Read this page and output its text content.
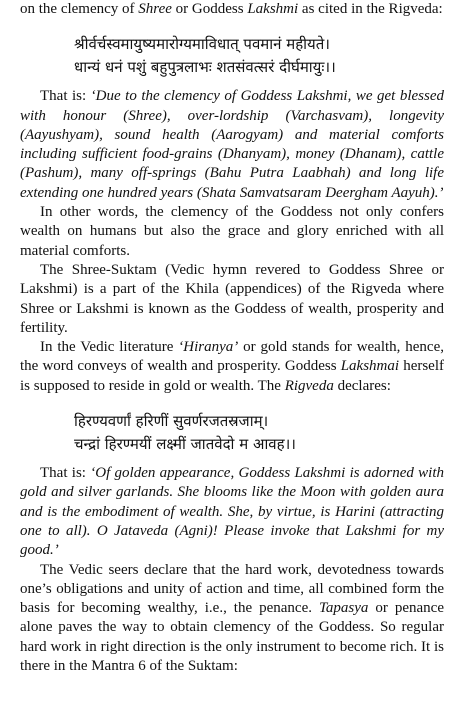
on the clemency of Shree or Goddess Lakshmi as cited in the Rigveda:

श्रीर्वर्चस्वमायुष्यमारोग्यमाविधात् पवमानं महीयते।
धान्यं धनं पशुं बहुपुत्रलाभः शतसंवत्सरं दीर्घमायुः।।

That is: ‘Due to the clemency of Goddess Lakshmi, we get blessed with honour (Shree), over-lordship (Varchasvam), longevity (Aayushyam), sound health (Aarogyam) and material comforts including sufficient food-grains (Dhanyam), money (Dhanam), cattle (Pashum), many off-springs (Bahu Putra Laabhah) and long life extending one hundred years (Shata Samvatsaram Deergham Aayuh).’

In other words, the clemency of the Goddess not only confers wealth on humans but also the grace and glory enriched with all material comforts.

The Shree-Suktam (Vedic hymn revered to Goddess Shree or Lakshmi) is a part of the Khila (appendices) of the Rigveda where Shree or Lakshmi is known as the Goddess of wealth, prosperity and fertility.

In the Vedic literature ‘Hiranya’ or gold stands for wealth, hence, the word conveys of wealth and prosperity. Goddess Lakshmai herself is supposed to reside in gold or wealth. The Rigveda declares:

हिरण्यवर्णां हरिणीं सुवर्णरजतस्रजाम्।
चन्द्रां हिरण्मयीं लक्ष्मीं जातवेदो म आवह।।

That is: ‘Of golden appearance, Goddess Lakshmi is adorned with gold and silver garlands. She blooms like the Moon with golden aura and is the embodiment of wealth. She, by virtue, is Harini (attracting one to all). O Jataveda (Agni)! Please invoke that Lakshmi for my good.’

The Vedic seers declare that the hard work, devotedness towards one’s obligations and unity of action and time, all combined form the basis for becoming wealthy, i.e., the penance. Tapasya or penance alone paves the way to obtain clemency of the Goddess. So regular hard work in right direction is the only instrument to become rich. It is there in the Mantra 6 of the Suktam:
